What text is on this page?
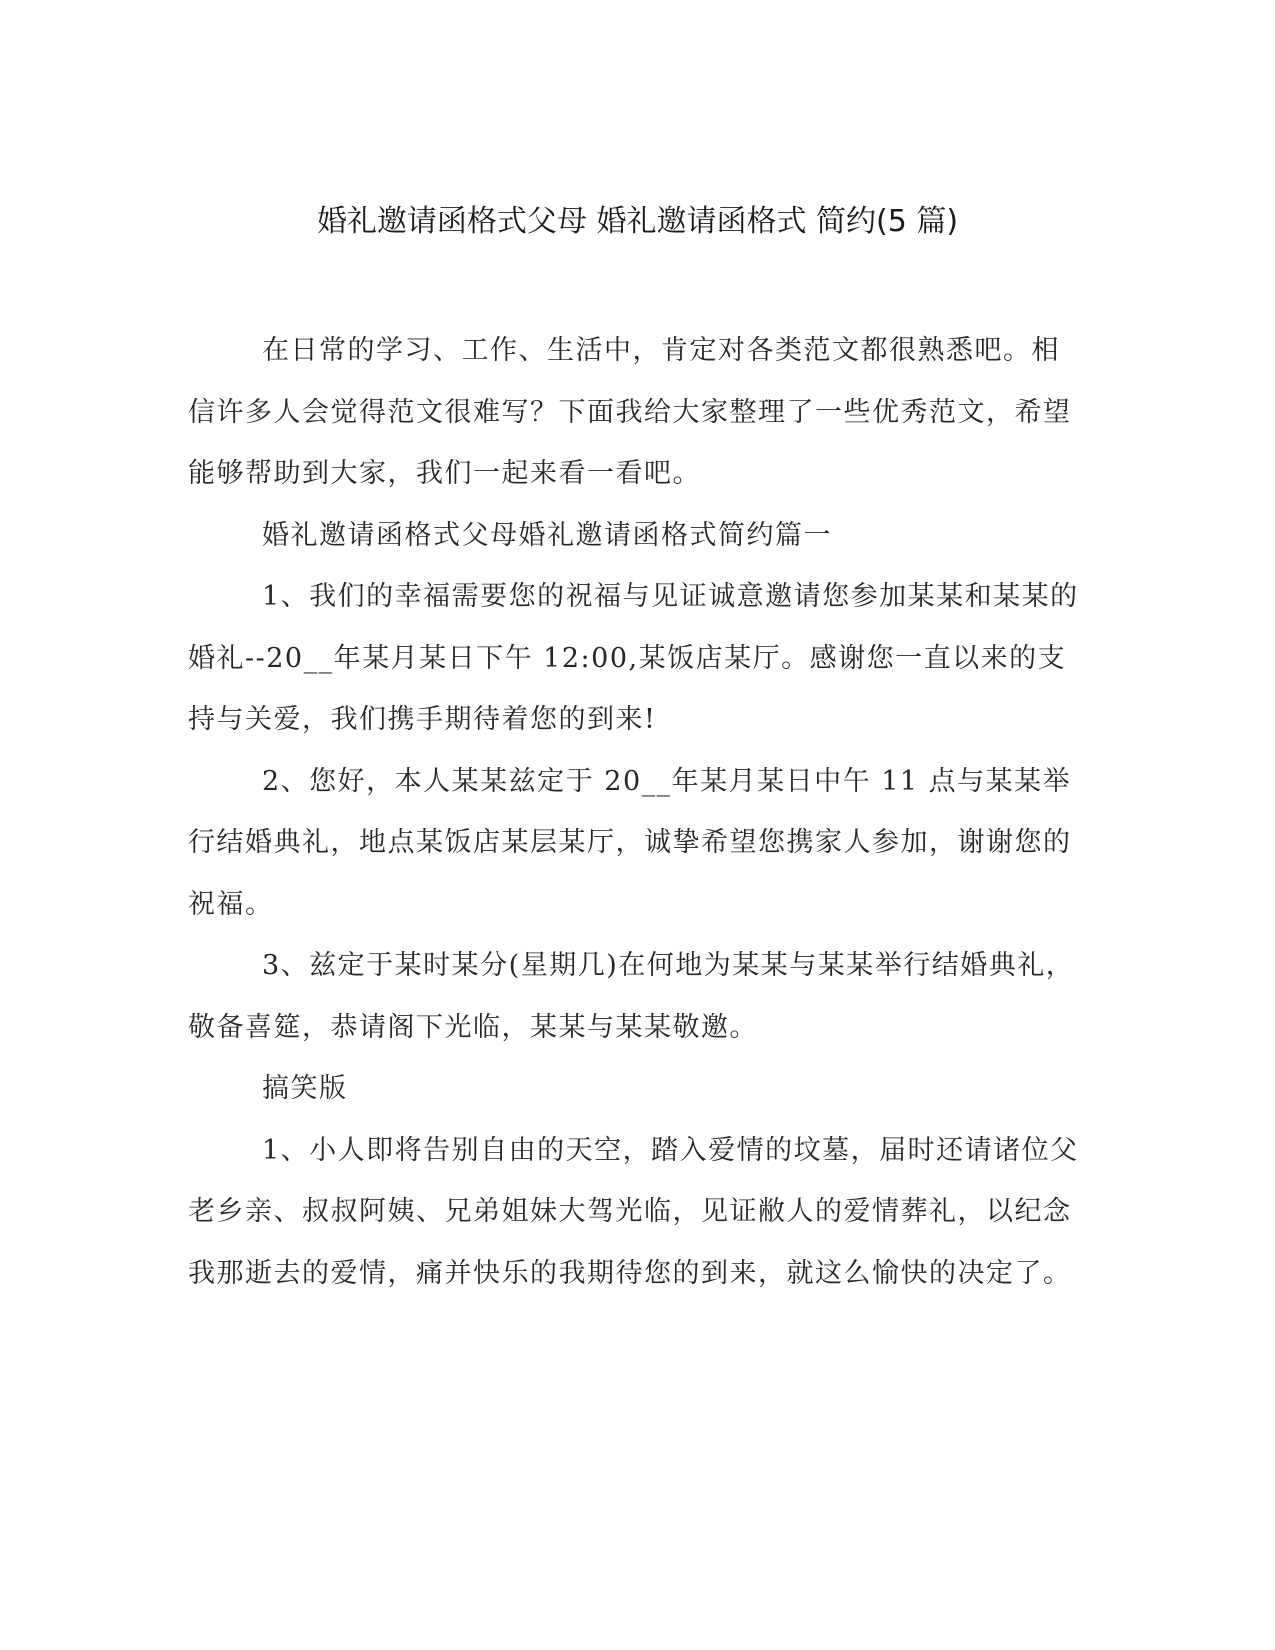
婚礼邀请函格式父母 婚礼邀请函格式 简约(5 篇)

在日常的学习、工作、生活中，肯定对各类范文都很熟悉吧。相信许多人会觉得范文很难写？下面我给大家整理了一些优秀范文，希望能够帮助到大家，我们一起来看一看吧。

婚礼邀请函格式父母婚礼邀请函格式简约篇一

1、我们的幸福需要您的祝福与见证诚意邀请您参加某某和某某的婚礼--20__年某月某日下午 12:00,某饭店某厅。感谢您一直以来的支持与关爱，我们携手期待着您的到来!

2、您好，本人某某兹定于 20__年某月某日中午 11 点与某某举行结婚典礼，地点某饭店某层某厅，诚挚希望您携家人参加，谢谢您的祝福。

3、兹定于某时某分(星期几)在何地为某某与某某举行结婚典礼，敬备喜筵，恭请阁下光临，某某与某某敬邀。

搞笑版

1、小人即将告别自由的天空，踏入爱情的坟墓，届时还请诸位父老乡亲、叔叔阿姨、兄弟姐妹大驾光临，见证敝人的爱情葬礼，以纪念我那逝去的爱情，痛并快乐的我期待您的到来，就这么愉快的决定了。
